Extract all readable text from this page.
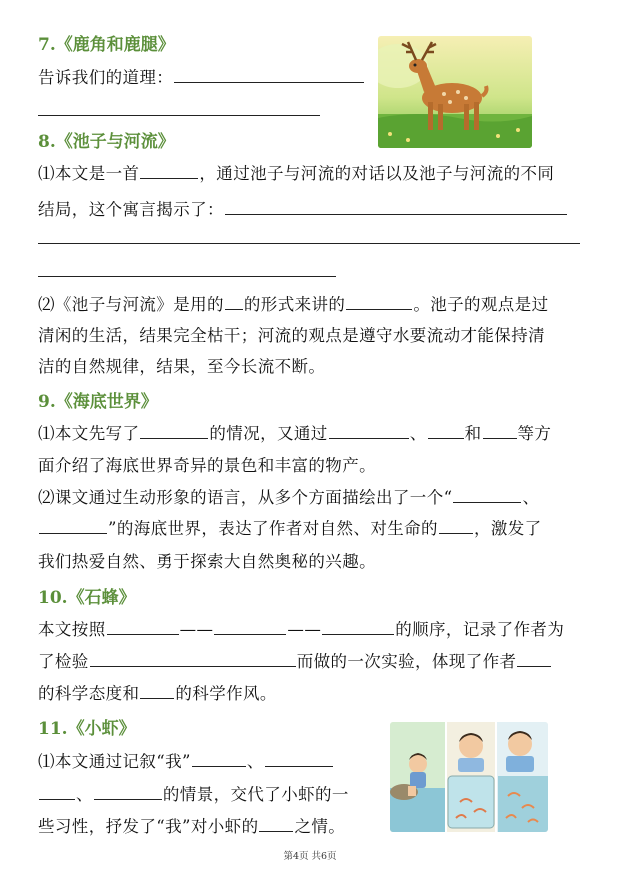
7.《鹿角和鹿腿》
告诉我们的道理：
8.《池子与河流》
⑴本文是一首	，通过池子与河流的对话以及池子与河流的不同
结局，这个寓言揭示了：
⑵《池子与河流》是用的 的形式来讲的	。池子的观点是过
清闲的生活，结果完全枯干；河流的观点是遵守水要流动才能保持清
洁的自然规律，结果，至今长流不断。
9.《海底世界》
⑴本文先写了	的情况，又通过	、 和 等方
面介绍了海底世界奇异的景色和丰富的物产。
⑵课文通过生动形象的语言，从多个方面描绘出了一个“	、
”的海底世界，表达了作者对自然、对生命的 ，激发了
我们热爱自然、勇于探索大自然奥秘的兴趣。
10.《石蜂》
本文按照	——	——	的顺序，记录了作者为
了检验	而做的一次实验，体现了作者
的科学态度和 的科学作风。
11.《小虾》
⑴本文通过记叙“我”	、
、	的情景，交代了小虾的一
些习性，抒发了“我”对小虾的 之情。
第4页 共6页
